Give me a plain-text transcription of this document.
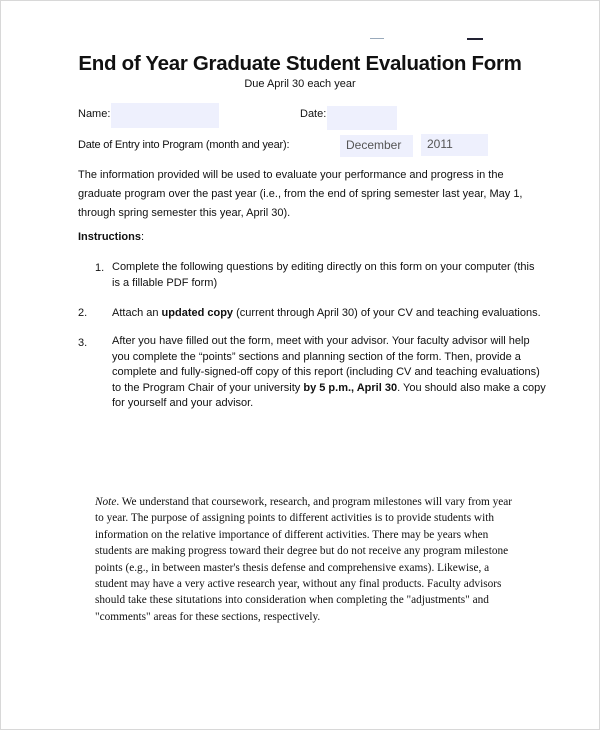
End of Year Graduate Student Evaluation Form
Due April 30 each year
Name:	Date:
Date of Entry into Program (month and year):	December	2011
The information provided will be used to evaluate your performance and progress in the
graduate program over the past year (i.e., from the end of spring semester last year, May 1,
through spring semester this year, April 30).
Instructions:
1. Complete the following questions by editing directly on this form on your computer (this
is a fillable PDF form)
2. Attach an updated copy (current through April 30) of your CV and teaching evaluations.
3. After you have filled out the form, meet with your advisor. Your faculty advisor will help
you complete the “points” sections and planning section of the form. Then, provide a
complete and fully-signed-off copy of this report (including CV and teaching evaluations)
to the Program Chair of your university by 5 p.m., April 30. You should also make a copy
for yourself and your advisor.
Note. We understand that coursework, research, and program milestones will vary from year
to year. The purpose of assigning points to different activities is to provide students with
information on the relative importance of different activities. There may be years when
students are making progress toward their degree but do not receive any program milestone
points (e.g., in between master's thesis defense and comprehensive exams). Likewise, a
student may have a very active research year, without any final products. Faculty advisors
should take these situtations into consideration when completing the "adjustments" and
"comments" areas for these sections, respectively.
